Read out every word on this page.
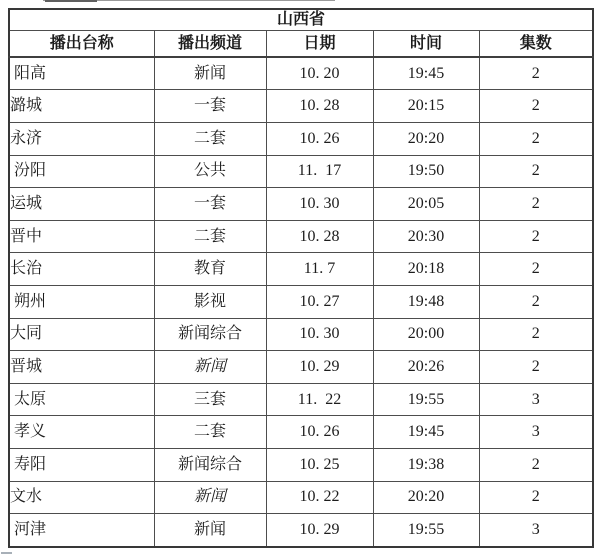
山西省				
播出台称	播出频道	日期	时间	集数
阳高	新闻	10. 20	19:45	2
潞城	一套	10. 28	20:15	2
永济	二套	10. 26	20:20	2
汾阳	公共	11.  17	19:50	2
运城	一套	10. 30	20:05	2
晋中	二套	10. 28	20:30	2
长治	教育	11. 7	20:18	2
朔州	影视	10. 27	19:48	2
大同	新闻综合	10. 30	20:00	2
晋城	新闻	10. 29	20:26	2
太原	三套	11.  22	19:55	3
孝义	二套	10. 26	19:45	3
寿阳	新闻综合	10. 25	19:38	2
文水	新闻	10. 22	20:20	2
河津	新闻	10. 29	19:55	3
